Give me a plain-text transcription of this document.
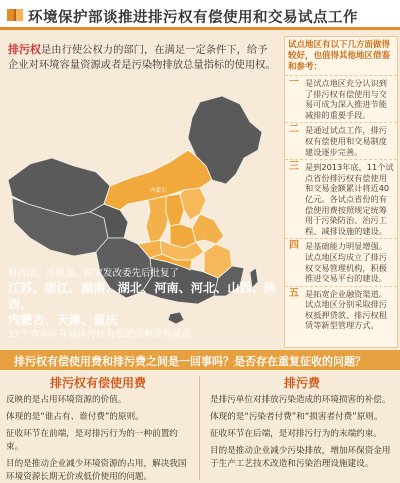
环境保护部谈推进排污权有偿使用和交易试点工作
排污权是由行使公权力的部门，在满足一定条件下，给予企业对环境容量资源或者是污染物排放总量指标的使用权。
内蒙古
财政部、环保部、国家发改委先后批复了
江苏、浙江、湖南、湖北、河南、河北、山西、陕西、
内蒙古、天津、重庆
11个省市区开展排污权有偿使用和交易试点。
试点地区有以下几方面做得较好，也值得其他地区借鉴和参考：
一 是试点地区充分认识到了排污权有偿使用与交易可成为深入推进节能减排的重要手段。
二 是通过试点工作，排污权有偿使用和交易制度建设逐步完善。
三 是到2013年底，11个试点省份排污权有偿使用和交易金额累计将近40亿元。各试点省份的有偿使用费按照规定统筹用于污染防治、治污工程、减排设施的建设。
四 是基础能力明显增强。试点地区均成立了排污权交易管理机构，积极推进交易平台的建设。
五 是拓宽企业融资渠道。试点地区分别采取排污权抵押贷款、排污权租赁等新型管理方式。
排污权有偿使用费和排污费之间是一回事吗？是否存在重复征收的问题？
排污权有偿使用费

反映的是占用环境资源的价值。

体现的是“谁占有、谁付费”的原则。

征收环节在前端，是对排污行为的一种前置约束。

目的是推动企业减少环境资源的占用，解决我国环境资源长期无价或低价使用的问题。

排污费

是排污单位对排放污染造成的环境损害的补偿。

体现的是“污染者付费”和“损害者付费”原则。

征收环节在后端，是对排污行为的末端约束。

目的是推动企业减少污染排放，增加环保资金用于生产工艺技术改造和污染治理设施建设。
